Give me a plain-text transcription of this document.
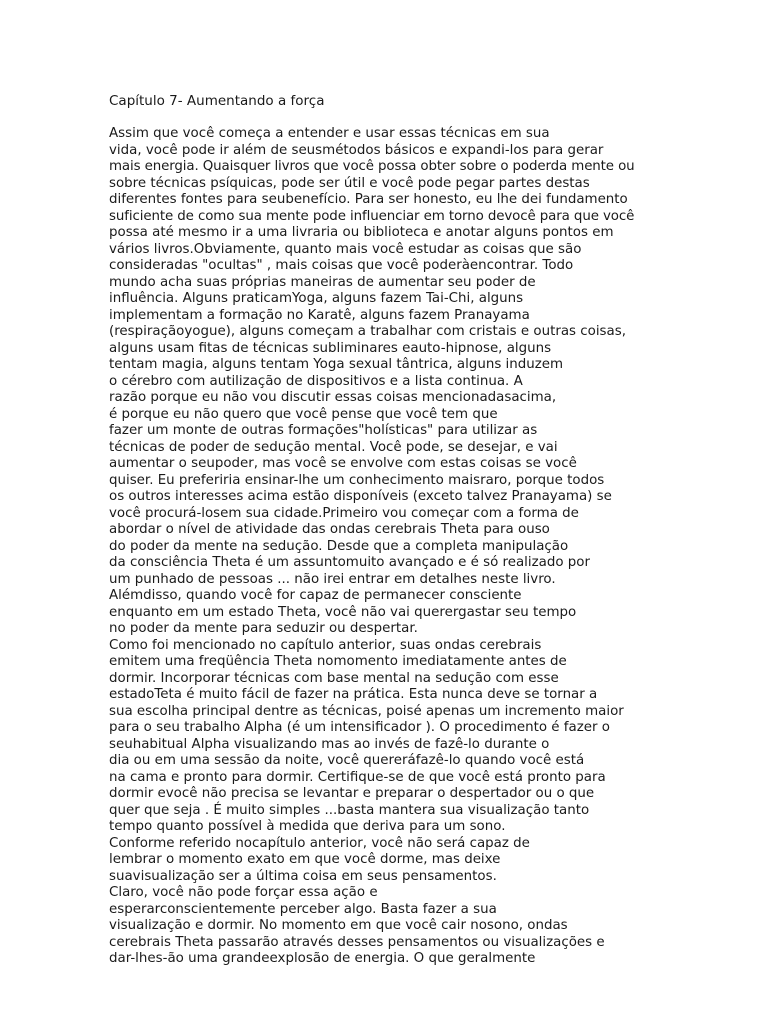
Capítulo 7- Aumentando a força
Assim que você começa a entender e usar essas técnicas em sua
vida, você pode ir além de seusmétodos básicos e expandi-los para gerar
mais energia. Quaisquer livros que você possa obter sobre o poderda mente ou
sobre técnicas psíquicas, pode ser útil e você pode pegar partes destas
diferentes fontes para seubenefício. Para ser honesto, eu lhe dei fundamento
suficiente de como sua mente pode influenciar em torno devocê para que você
possa até mesmo ir a uma livraria ou biblioteca e anotar alguns pontos em
vários livros.Obviamente, quanto mais você estudar as coisas que são
consideradas "ocultas" , mais coisas que você poderàencontrar. Todo
mundo acha suas próprias maneiras de aumentar seu poder de
influência. Alguns praticamYoga, alguns fazem Tai-Chi, alguns
implementam a formação no Karatê, alguns fazem Pranayama
(respiraçãoyogue), alguns começam a trabalhar com cristais e outras coisas,
alguns usam fitas de técnicas subliminares eauto-hipnose, alguns
tentam magia, alguns tentam Yoga sexual tântrica, alguns induzem
o cérebro com autilização de dispositivos e a lista continua. A
razão porque eu não vou discutir essas coisas mencionadasacima,
é porque eu não quero que você pense que você tem que
fazer um monte de outras formações"holísticas" para utilizar as
técnicas de poder de sedução mental. Você pode, se desejar, e vai
aumentar o seupoder, mas você se envolve com estas coisas se você
quiser. Eu preferiria ensinar-lhe um conhecimento maisraro, porque todos
os outros interesses acima estão disponíveis (exceto talvez Pranayama) se
você procurá-losem sua cidade.Primeiro vou começar com a forma de
abordar o nível de atividade das ondas cerebrais Theta para ouso
do poder da mente na sedução. Desde que a completa manipulação
da consciência Theta é um assuntomuito avançado e é só realizado por
um punhado de pessoas ... não irei entrar em detalhes neste livro.
Alémdisso, quando você for capaz de permanecer consciente
enquanto em um estado Theta, você não vai querergastar seu tempo
no poder da mente para seduzir ou despertar.
Como foi mencionado no capítulo anterior, suas ondas cerebrais
emitem uma freqüência Theta nomomento imediatamente antes de
dormir. Incorporar técnicas com base mental na sedução com esse
estadoTeta é muito fácil de fazer na prática. Esta nunca deve se tornar a
sua escolha principal dentre as técnicas, poisé apenas um incremento maior
para o seu trabalho Alpha (é um intensificador ). O procedimento é fazer o
seuhabitual Alpha visualizando mas ao invés de fazê-lo durante o
dia ou em uma sessão da noite, você quereráfazê-lo quando você está
na cama e pronto para dormir. Certifique-se de que você está pronto para
dormir evocê não precisa se levantar e preparar o despertador ou o que
quer que seja . É muito simples ...basta mantera sua visualização tanto
tempo quanto possível à medida que deriva para um sono.
Conforme referido nocapítulo anterior, você não será capaz de
lembrar o momento exato em que você dorme, mas deixe
suavisualização ser a última coisa em seus pensamentos.
Claro, você não pode forçar essa ação e
esperarconscientemente perceber algo. Basta fazer a sua
visualização e dormir. No momento em que você cair nosono, ondas
cerebrais Theta passarão através desses pensamentos ou visualizações e
dar-lhes-ão uma grandeexplosão de energia. O que geralmente
